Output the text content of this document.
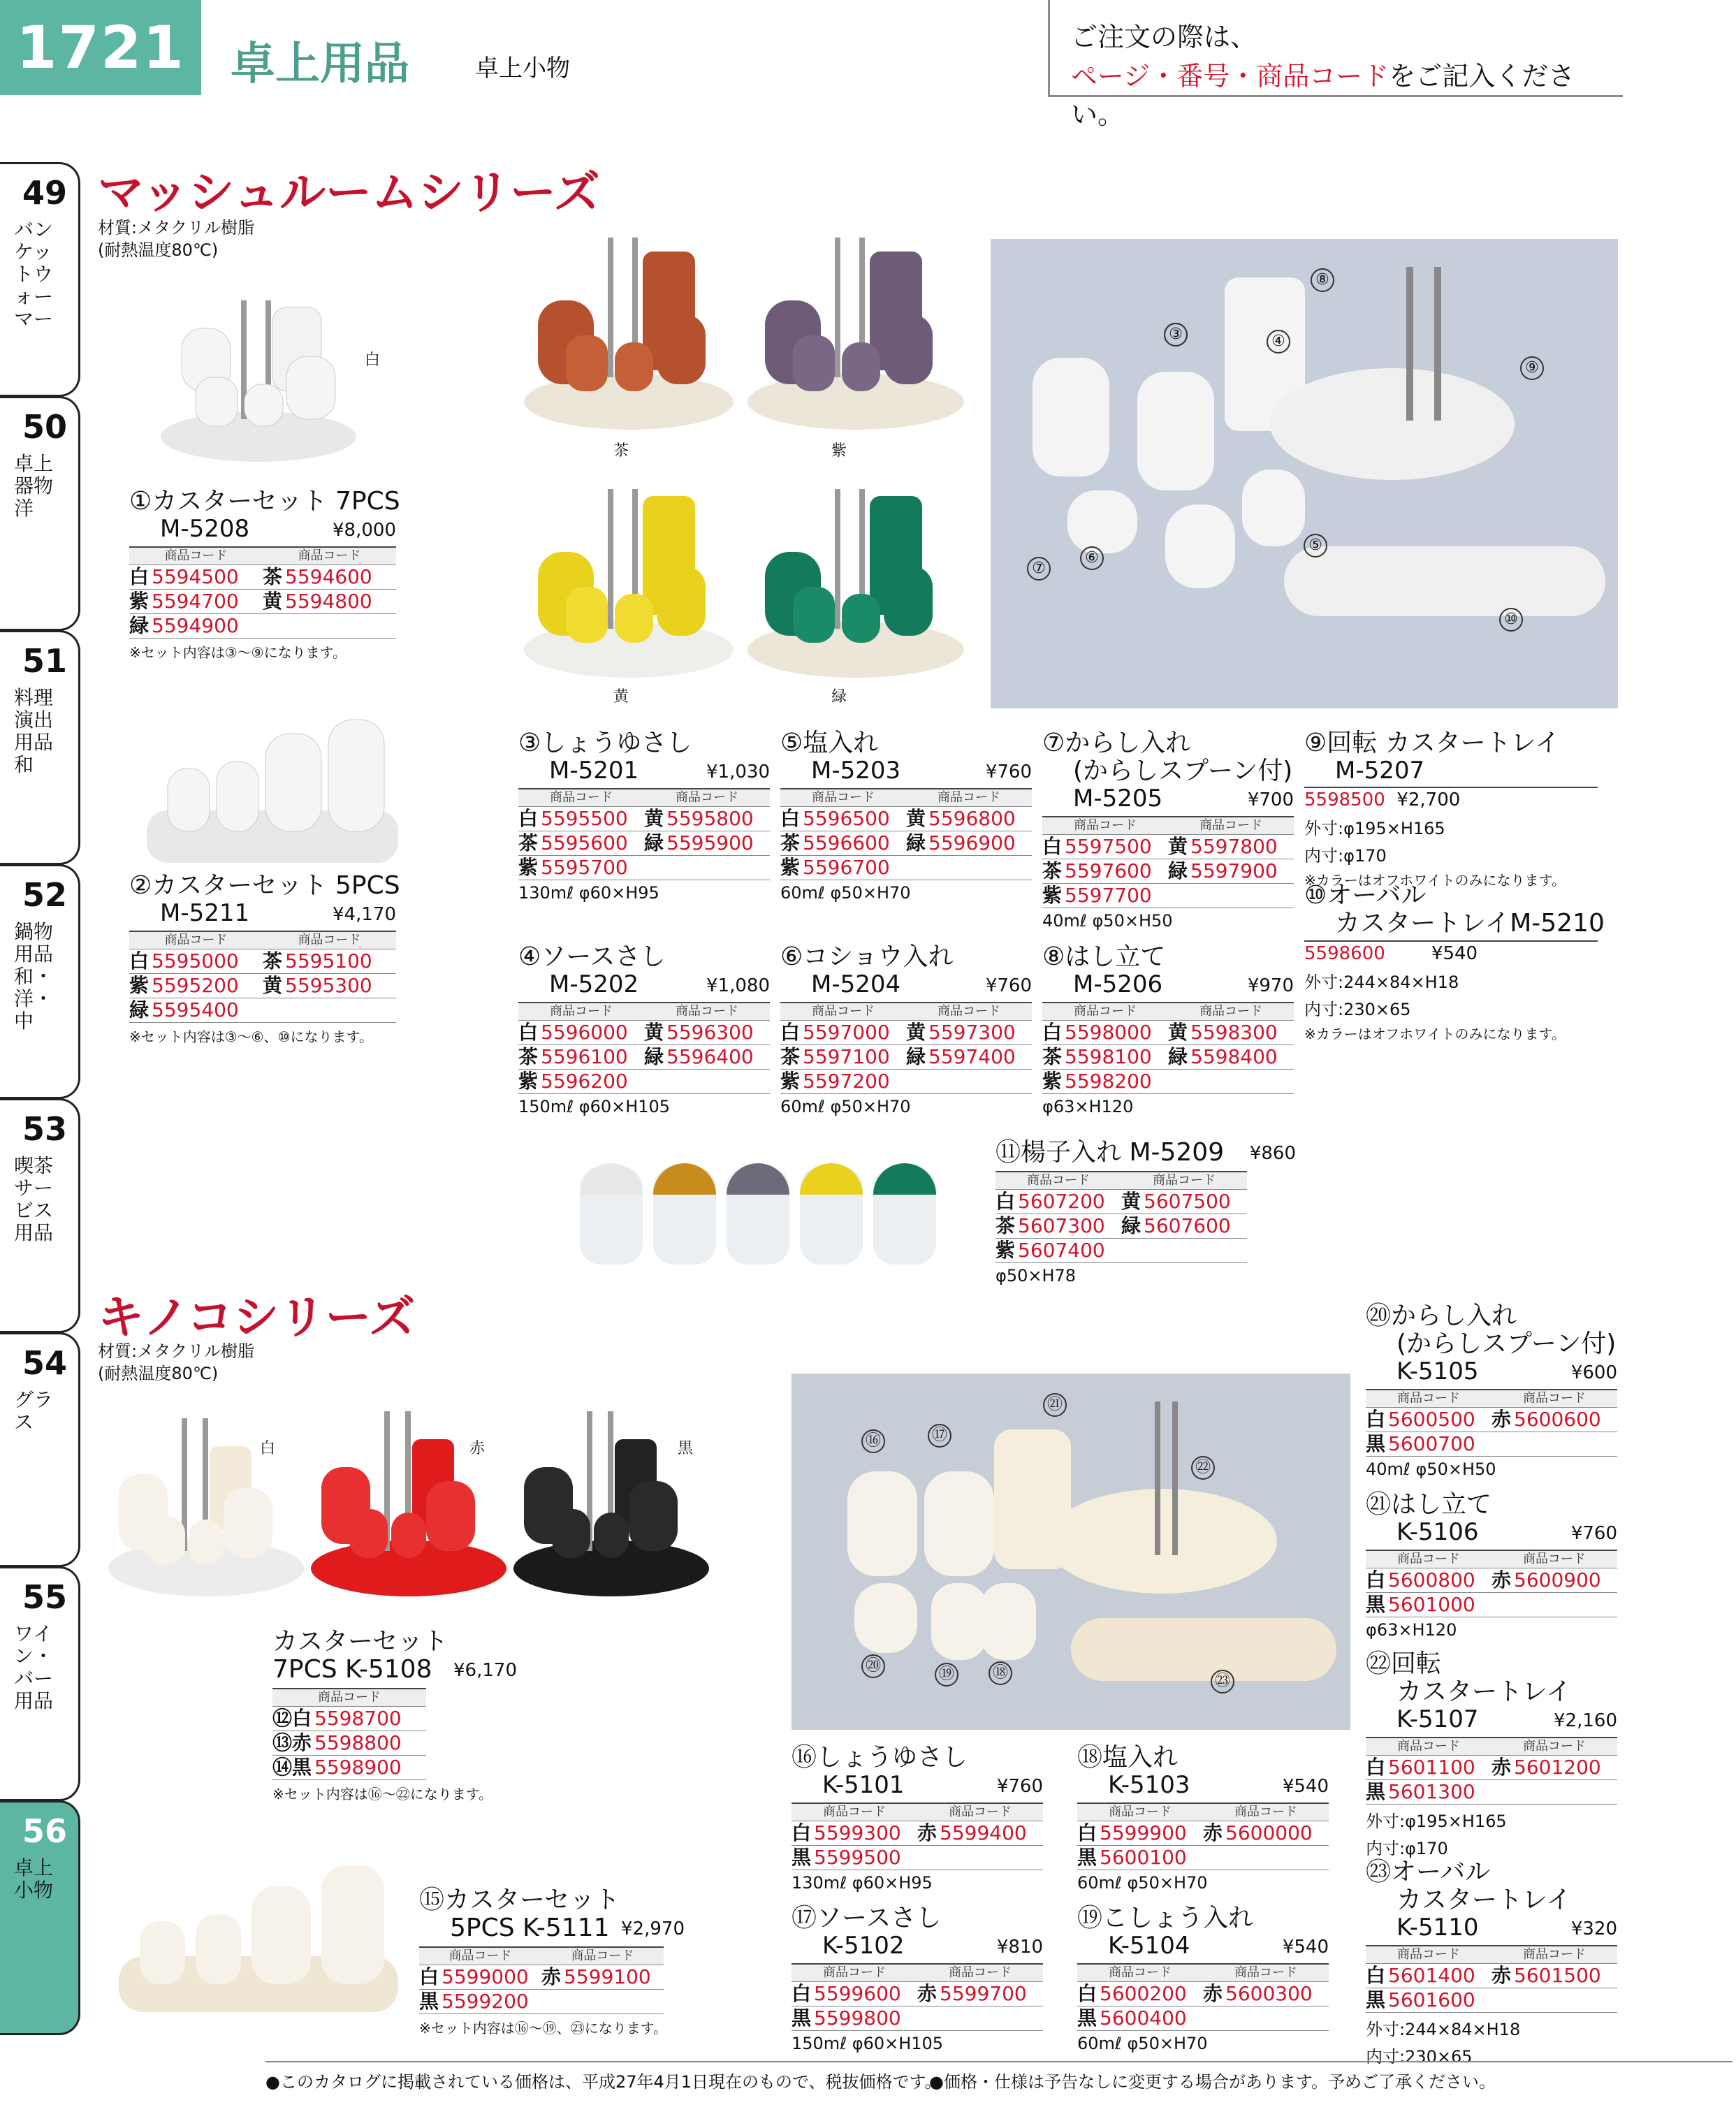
1721	卓上用品	卓上小物
ご注文の際は、
ページ・番号・商品コードをご記入ください。
49
バンケットウォーマー
50
卓上器物 洋
51
料理演出用品 和
52
鍋物用品 和・洋・中
53
喫茶サービス用品
54
グラス
55
ワイン・バー用品
56
卓上小物
マッシュルームシリーズ
材質:メタクリル樹脂
(耐熱温度80℃)
白
茶	紫
黄	緑
③	④
⑤
⑥
⑦
⑧
⑨
⑩
①カスターセット 7PCS
M-5208	¥8,000
商品コード	商品コード
白 5594500	茶 5594600
紫 5594700	黄 5594800
緑 5594900
※セット内容は③〜⑨になります。
②カスターセット 5PCS
M-5211	¥4,170
商品コード	商品コード
白 5595000	茶 5595100
紫 5595200	黄 5595300
緑 5595400
※セット内容は③〜⑥、⑩になります。
③しょうゆさし
M-5201	¥1,030
商品コード	商品コード
白 5595500 黄 5595800
茶 5595600 緑 5595900
紫 5595700
130mℓ φ60×H95
⑤塩入れ
M-5203	¥760
商品コード	商品コード
白 5596500 黄 5596800
茶 5596600 緑 5596900
紫 5596700
60mℓ φ50×H70
⑦からし入れ
(からしスプーン付)
M-5205	¥700
商品コード	商品コード
白 5597500 黄 5597800
茶 5597600 緑 5597900
紫 5597700
40mℓ φ50×H50
⑨回転 カスタートレイ
M-5207
5598500 ¥2,700
外寸:φ195×H165
内寸:φ170
※カラーはオフホワイトのみになります。
⑩オーバル
カスタートレイM-5210
5598600	¥540
外寸:244×84×H18
内寸:230×65
※カラーはオフホワイトのみになります。
④ソースさし
M-5202	¥1,080
商品コード	商品コード
白 5596000 黄 5596300
茶 5596100 緑 5596400
紫 5596200
150mℓ φ60×H105
⑥コショウ入れ
M-5204	¥760
商品コード	商品コード
白 5597000 黄 5597300
茶 5597100 緑 5597400
紫 5597200
60mℓ φ50×H70
⑧はし立て
M-5206	¥970
商品コード	商品コード
白 5598000 黄 5598300
茶 5598100 緑 5598400
紫 5598200
φ63×H120
⑪楊子入れ M-5209	¥860
商品コード	商品コード
白 5607200 黄 5607500
茶 5607300 緑 5607600
紫 5607400
φ50×H78
キノコシリーズ
材質:メタクリル樹脂
(耐熱温度80℃)
白	赤	黒
カスターセット
7PCS K-5108	¥6,170
商品コード
⑫白 5598700
⑬赤 5598800
⑭黒 5598900
※セット内容は⑯〜㉒になります。
⑮カスターセット
5PCS K-5111 ¥2,970
商品コード	商品コード
白 5599000 赤 5599100
黒 5599200
※セット内容は⑯〜⑲、㉓になります。
⑯	⑰
⑱
⑲
⑳
㉑
㉒
㉓
⑯しょうゆさし
K-5101	¥760
商品コード	商品コード
白 5599300 赤 5599400
黒 5599500
130mℓ φ60×H95
⑱塩入れ
K-5103	¥540
商品コード	商品コード
白 5599900 赤 5600000
黒 5600100
60mℓ φ50×H70
⑰ソースさし
K-5102	¥810
商品コード	商品コード
白 5599600 赤 5599700
黒 5599800
150mℓ φ60×H105
⑲こしょう入れ
K-5104	¥540
商品コード	商品コード
白 5600200 赤 5600300
黒 5600400
60mℓ φ50×H70
⑳からし入れ
(からしスプーン付)
K-5105	¥600
商品コード	商品コード
白 5600500 赤 5600600
黒 5600700
40mℓ φ50×H50
㉑はし立て
K-5106	¥760
商品コード	商品コード
白 5600800 赤 5600900
黒 5601000
φ63×H120
㉒回転
カスタートレイ
K-5107	¥2,160
商品コード	商品コード
白 5601100 赤 5601200
黒 5601300
外寸:φ195×H165
内寸:φ170
㉓オーバル
カスタートレイ
K-5110	¥320
商品コード	商品コード
白 5601400 赤 5601500
黒 5601600
外寸:244×84×H18
内寸:230×65
●このカタログに掲載されている価格は、平成27年4月1日現在のもので、税抜価格です。
●価格・仕様は予告なしに変更する場合があります。予めご了承ください。
